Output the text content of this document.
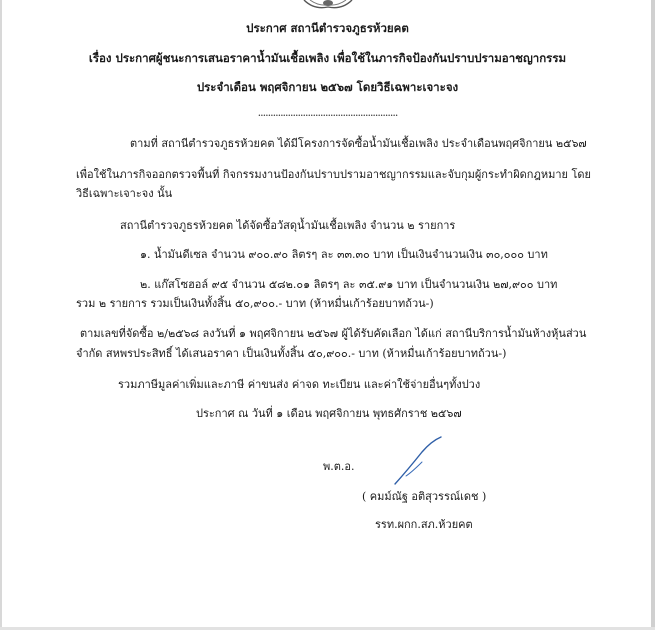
ประกาศ สถานีตำรวจภูธรห้วยคต
เรื่อง ประกาศผู้ชนะการเสนอราคาน้ำมันเชื้อเพลิง เพื่อใช้ในภารกิจป้องกันปราบปรามอาชญากรรม
ประจำเดือน พฤศจิกายน ๒๕๖๗ โดยวิธีเฉพาะเจาะจง
........................................................
ตามที่ สถานีตำรวจภูธรห้วยคต ได้มีโครงการจัดซื้อน้ำมันเชื้อเพลิง ประจำเดือนพฤศจิกายน ๒๕๖๗
เพื่อใช้ในภารกิจออกตรวจพื้นที่ กิจกรรมงานป้องกันปราบปรามอาชญากรรมและจับกุมผู้กระทำผิดกฎหมาย โดย
วิธีเฉพาะเจาะจง นั้น
สถานีตำรวจภูธรห้วยคต ได้จัดซื้อวัสดุน้ำมันเชื้อเพลิง จำนวน ๒ รายการ
๑. น้ำมันดีเซล จำนวน ๙๐๐.๙๐ ลิตรๆ ละ ๓๓.๓๐ บาท เป็นเงินจำนวนเงิน ๓๐,๐๐๐ บาท
๒. แก๊สโซฮอล์ ๙๕ จำนวน ๕๘๒.๐๑ ลิตรๆ ละ ๓๕.๙๑ บาท เป็นจำนวนเงิน ๒๗,๙๐๐ บาท
รวม ๒ รายการ รวมเป็นเงินทั้งสิ้น ๕๐,๙๐๐.- บาท (ห้าหมื่นเก้าร้อยบาทถ้วน-)
ตามเลขที่จัดซื้อ ๒/๒๕๖๘ ลงวันที่ ๑ พฤศจิกายน ๒๕๖๗ ผู้ได้รับคัดเลือก ได้แก่ สถานีบริการน้ำมันห้างหุ้นส่วน
จำกัด สหพรประสิทธิ์ ได้เสนอราคา เป็นเงินทั้งสิ้น ๕๐,๙๐๐.- บาท (ห้าหมื่นเก้าร้อยบาทถ้วน-)
รวมภาษีมูลค่าเพิ่มและภาษี ค่าขนส่ง ค่าจด ทะเบียน และค่าใช้จ่ายอื่นๆทั้งปวง
ประกาศ ณ วันที่ ๑ เดือน พฤศจิกายน พุทธศักราช ๒๕๖๗
พ.ต.อ.
( คมม์ณัฐ อติสุวรรณ์เดช )
รรท.ผกก.สภ.ห้วยคต
